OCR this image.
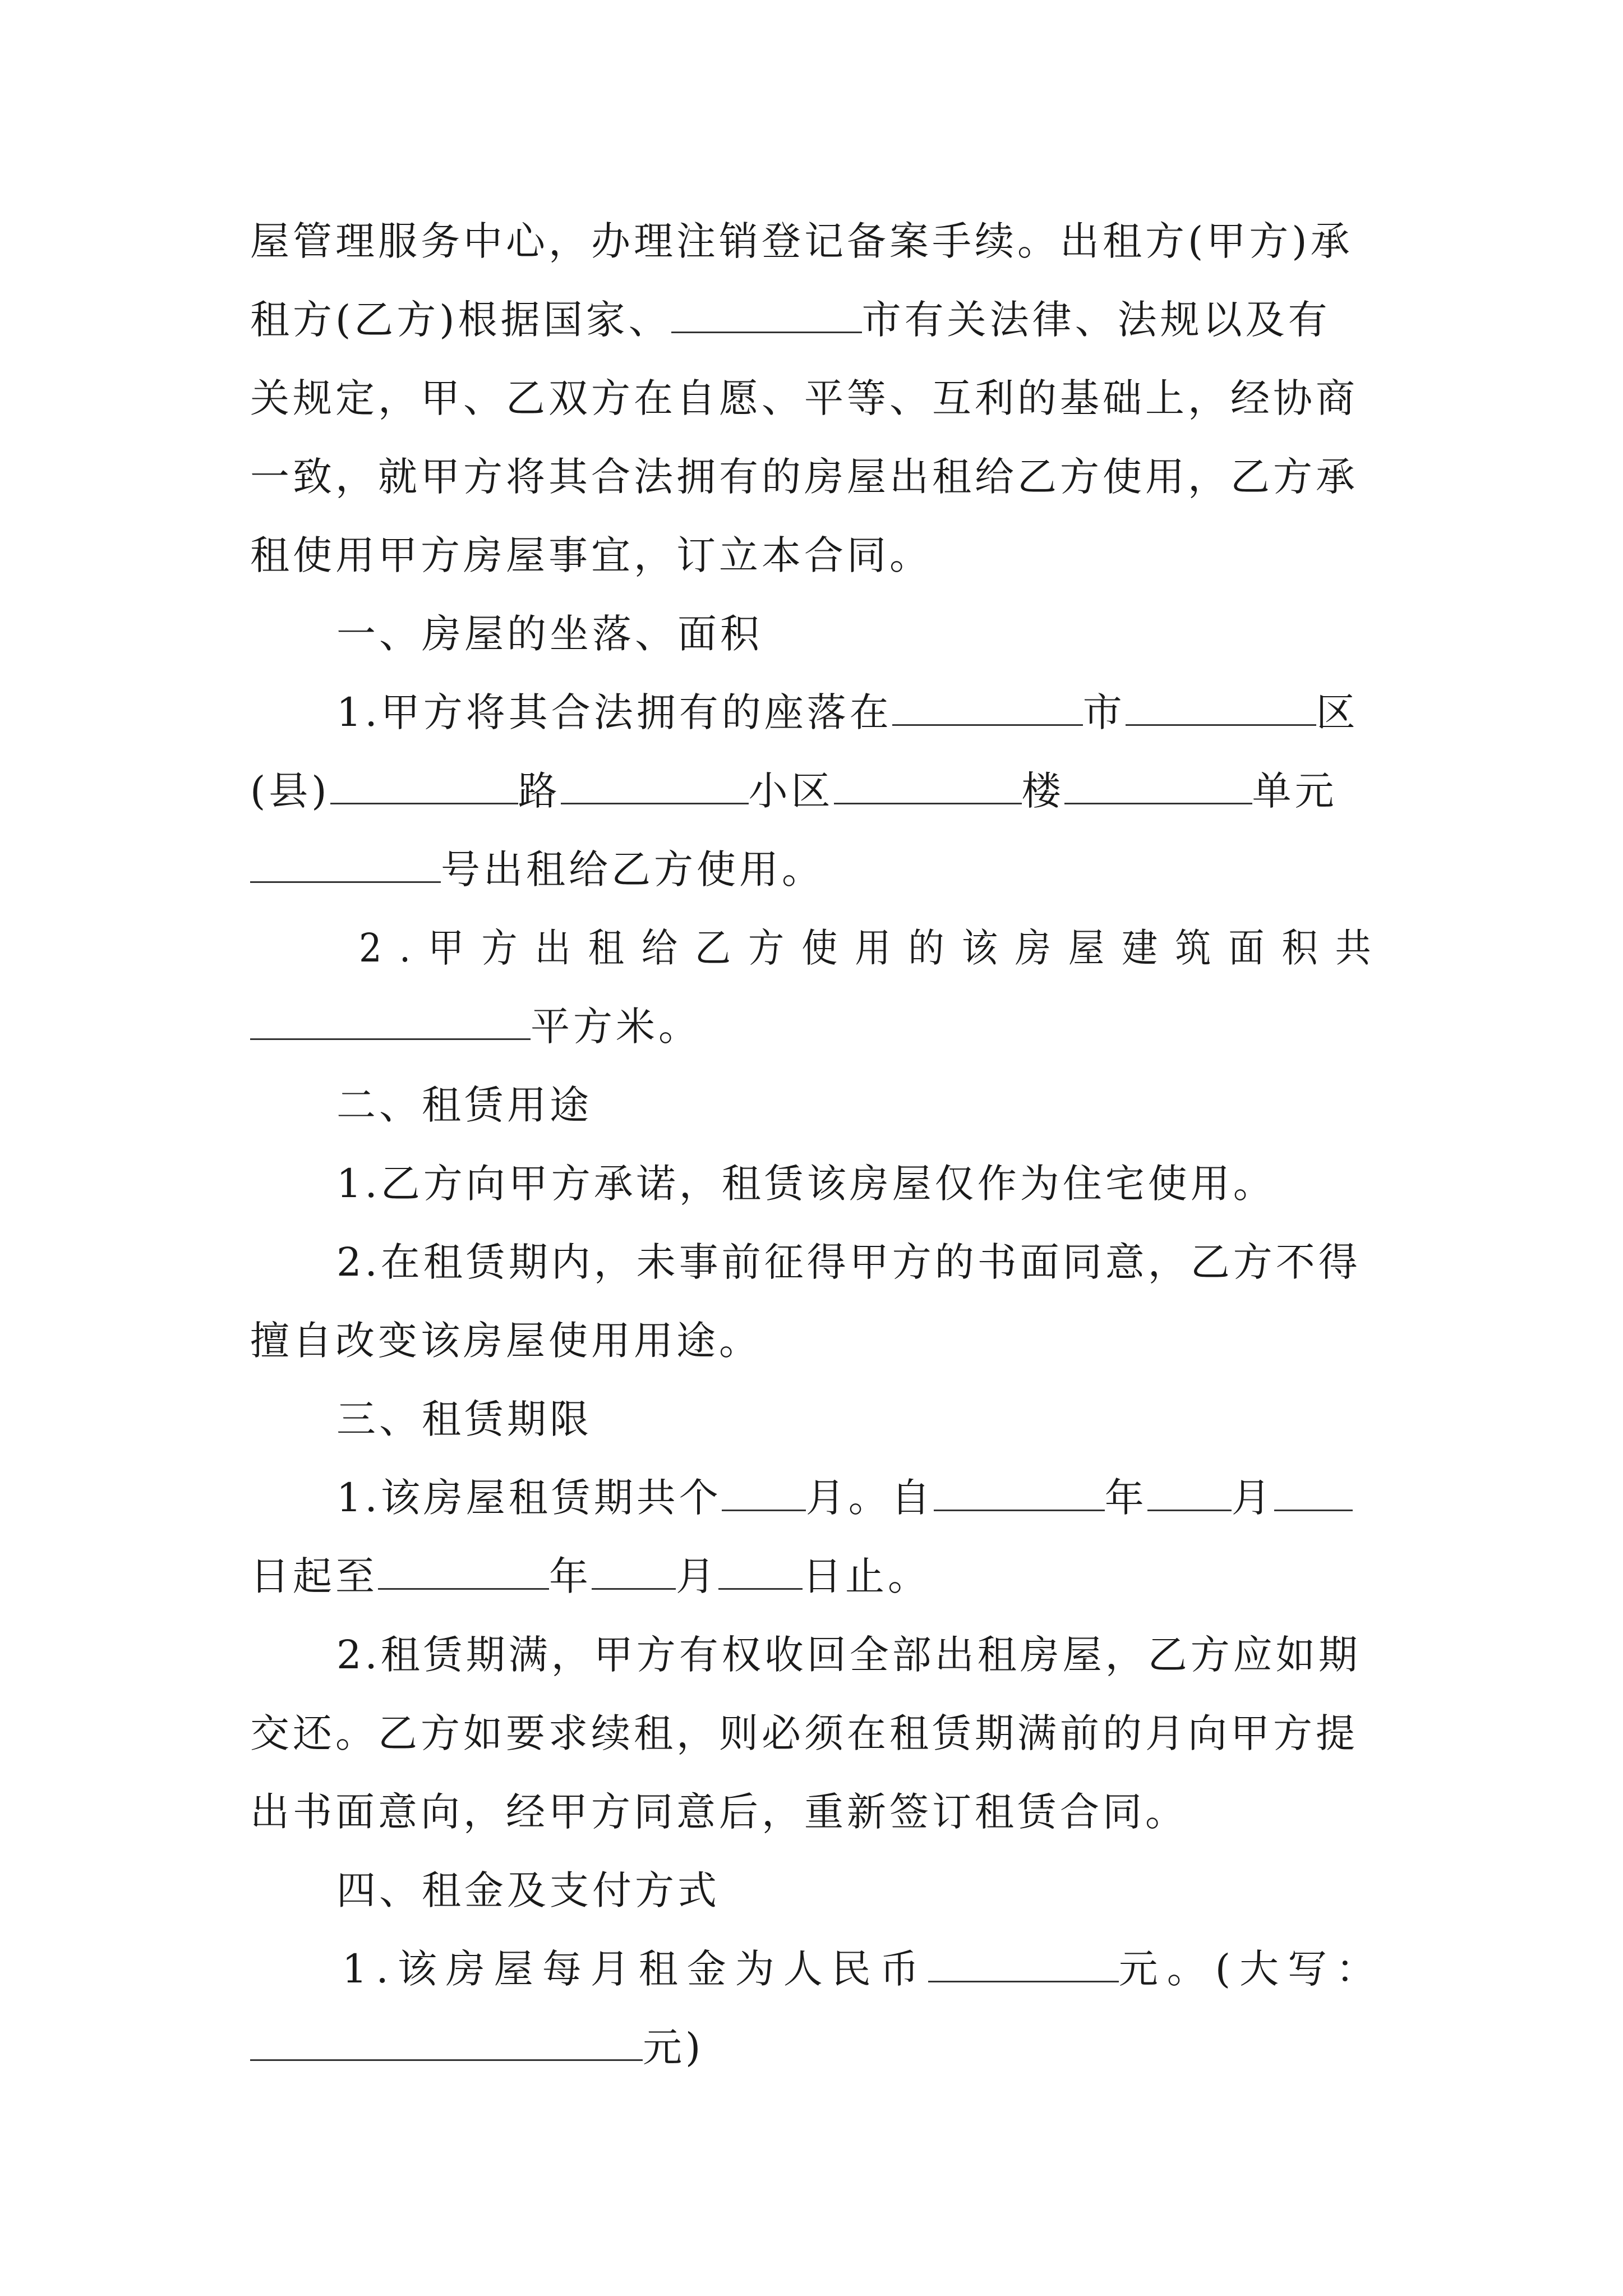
屋管理服务中心，办理注销登记备案手续。出租方(甲方)承
租方(乙方)根据国家、	市有关法律、法规以及有
关规定，甲、乙双方在自愿、平等、互利的基础上，经协商
一致，就甲方将其合法拥有的房屋出租给乙方使用，乙方承
租使用甲方房屋事宜，订立本合同。
一、房屋的坐落、面积
1.甲方将其合法拥有的座落在	市	区
(县)	路	小区	楼	单元
号出租给乙方使用。
2.甲方出租给乙方使用的该房屋建筑面积共
平方米。
二、租赁用途
1.乙方向甲方承诺，租赁该房屋仅作为住宅使用。
2.在租赁期内，未事前征得甲方的书面同意，乙方不得
擅自改变该房屋使用用途。
三、租赁期限
1.该房屋租赁期共个 月。自	年 月
日起至	年 月 日止。
2.租赁期满，甲方有权收回全部出租房屋，乙方应如期
交还。乙方如要求续租，则必须在租赁期满前的月向甲方提
出书面意向，经甲方同意后，重新签订租赁合同。
四、租金及支付方式
1.该房屋每月租金为人民币	元。(大写：
元)
